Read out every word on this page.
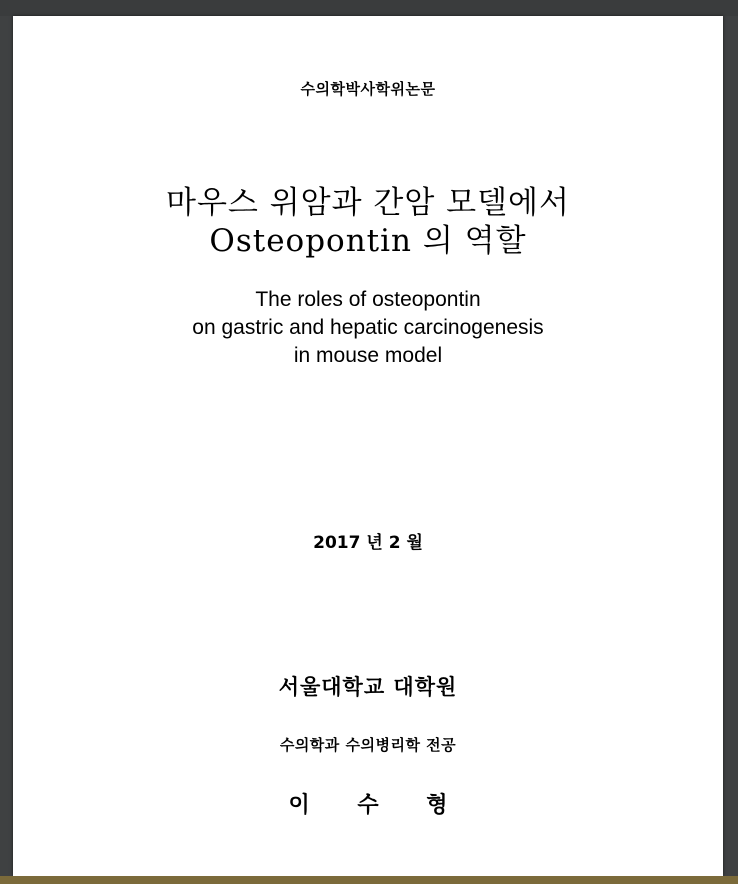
수의학박사학위논문
마우스 위암과 간암 모델에서
Osteopontin 의 역할
The roles of osteopontin
on gastric and hepatic carcinogenesis
in mouse model
2017 년 2 월
서울대학교 대학원
수의학과 수의병리학 전공
이 수 형
